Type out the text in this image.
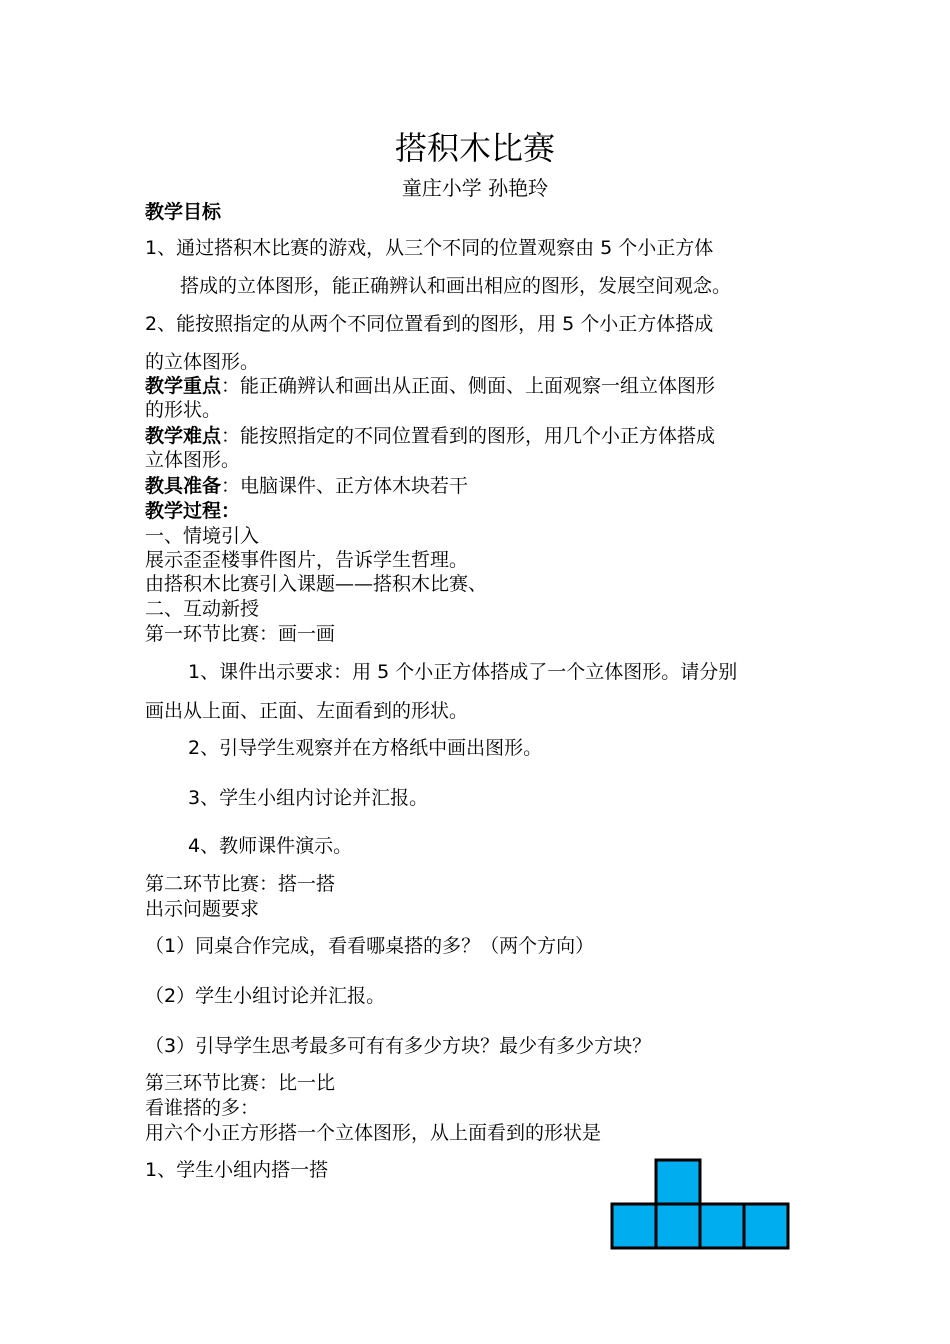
搭积木比赛
童庄小学 孙艳玲
教学目标
1、通过搭积木比赛的游戏，从三个不同的位置观察由 5 个小正方体
搭成的立体图形，能正确辨认和画出相应的图形，发展空间观念。
2、能按照指定的从两个不同位置看到的图形，用 5 个小正方体搭成
的立体图形。
教学重点：能正确辨认和画出从正面、侧面、上面观察一组立体图形
的形状。
教学难点：能按照指定的不同位置看到的图形，用几个小正方体搭成
立体图形。
教具准备：电脑课件、正方体木块若干
教学过程：
一、情境引入
展示歪歪楼事件图片，告诉学生哲理。
由搭积木比赛引入课题——搭积木比赛、
二、互动新授
第一环节比赛：画一画
1、课件出示要求：用 5 个小正方体搭成了一个立体图形。请分别
画出从上面、正面、左面看到的形状。
2、引导学生观察并在方格纸中画出图形。
3、学生小组内讨论并汇报。
4、教师课件演示。
第二环节比赛：搭一搭
出示问题要求
（1）同桌合作完成，看看哪桌搭的多？（两个方向）
（2）学生小组讨论并汇报。
（3）引导学生思考最多可有有多少方块？最少有多少方块？
第三环节比赛：比一比
看谁搭的多：
用六个小正方形搭一个立体图形，从上面看到的形状是
1、学生小组内搭一搭
